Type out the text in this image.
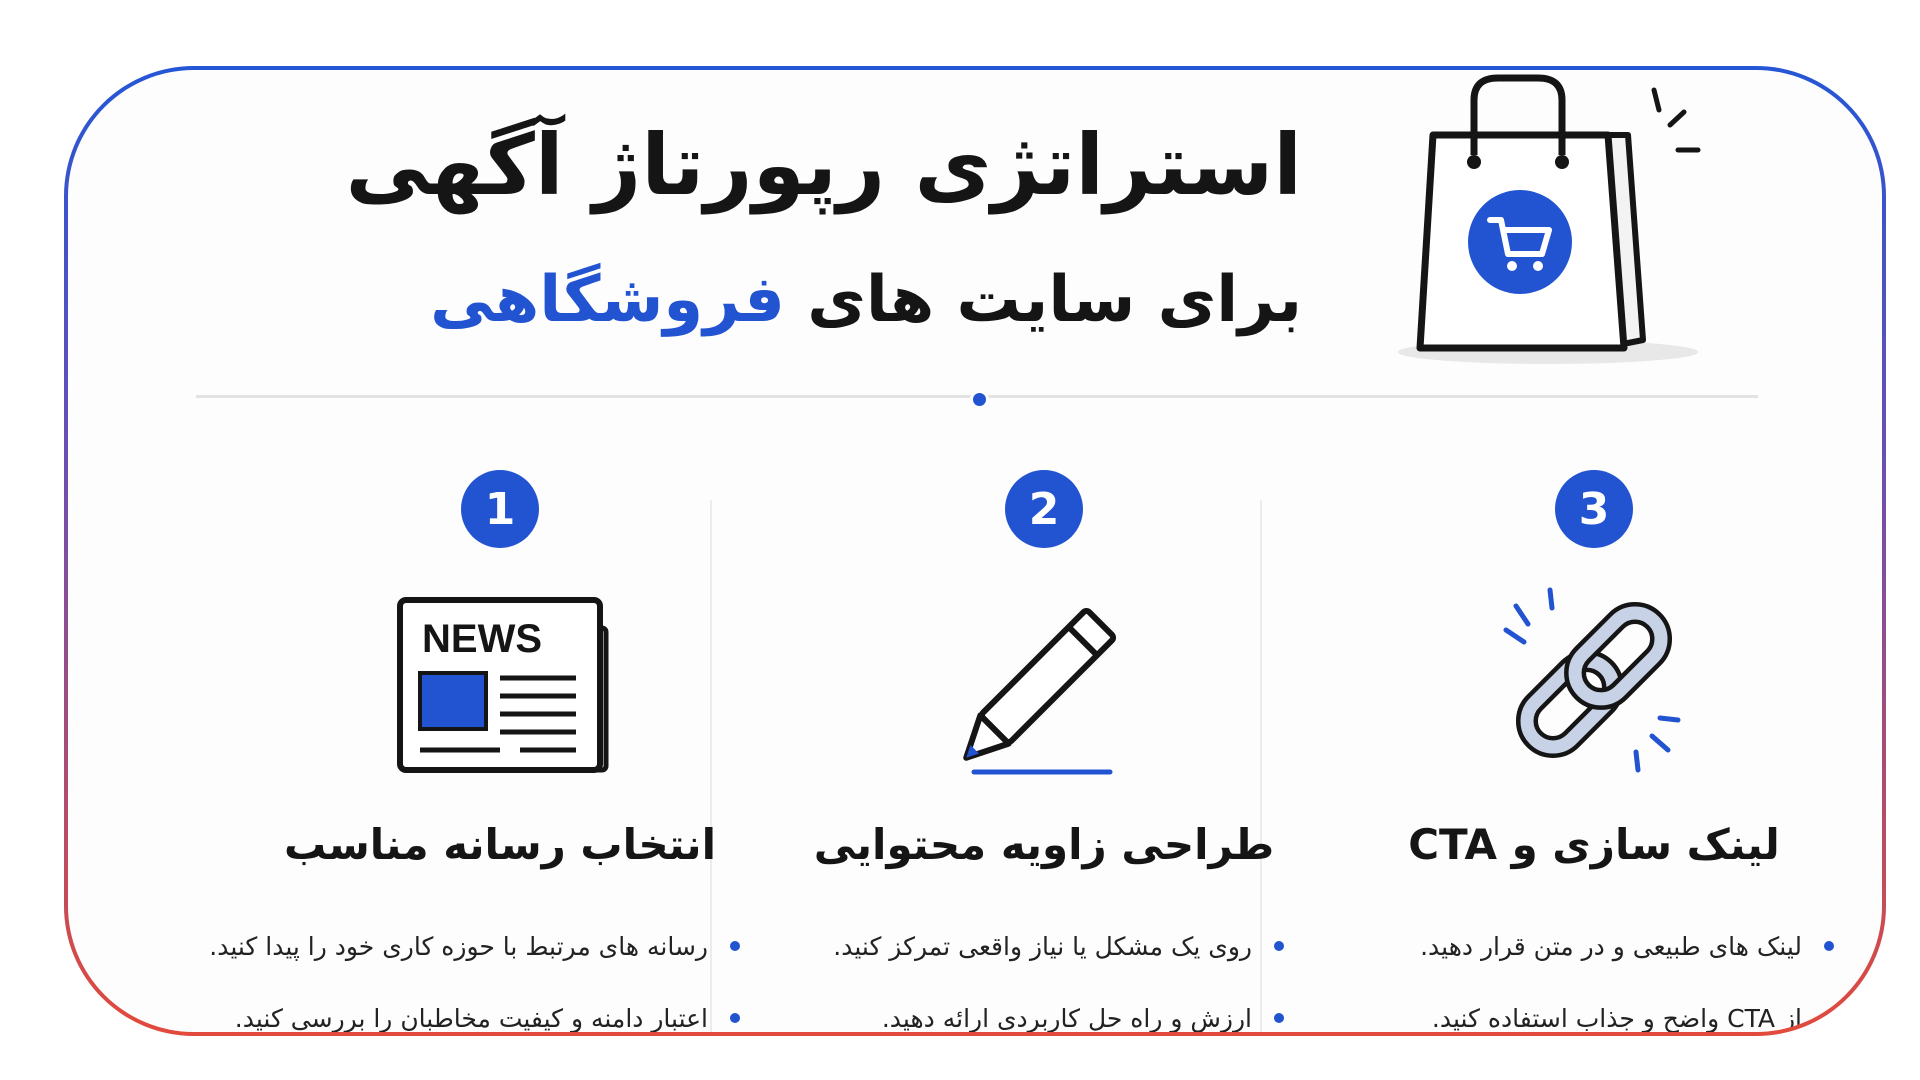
استراتژی رپورتاژ آگهی
برای سایت های فروشگاهی
1
NEWS
انتخاب رسانه مناسب
رسانه های مرتبط با حوزه کاری خود را پیدا کنید.
اعتبار دامنه و کیفیت مخاطبان را بررسی کنید.
2
طراحی زاویه محتوایی
روی یک مشکل یا نیاز واقعی تمرکز کنید.
ارزش و راه حل کاربردی ارائه دهید.
3
لینک سازی و CTA
لینک های طبیعی و در متن قرار دهید.
از CTA واضح و جذاب استفاده کنید.
